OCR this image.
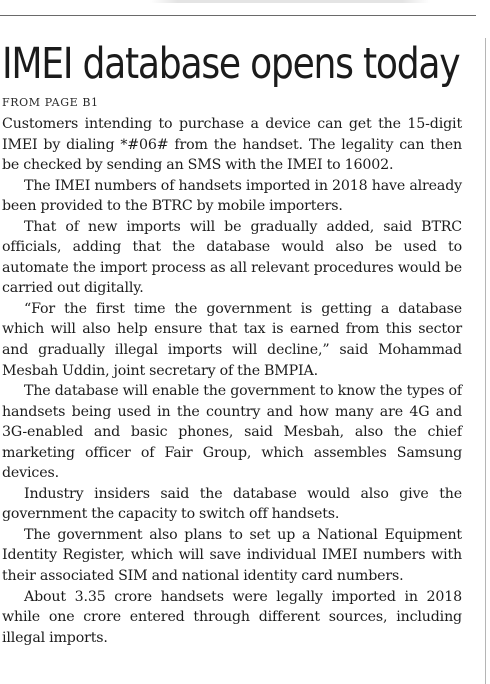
IMEI database opens today
FROM PAGE B1

Customers intending to purchase a device can get the 15-digit IMEI by dialing *#06# from the handset. The legality can then be checked by sending an SMS with the IMEI to 16002.

The IMEI numbers of handsets imported in 2018 have already been provided to the BTRC by mobile importers.

That of new imports will be gradually added, said BTRC officials, adding that the database would also be used to automate the import process as all relevant procedures would be carried out digitally.

“For the first time the government is getting a database which will also help ensure that tax is earned from this sector and gradually illegal imports will decline,” said Mohammad Mesbah Uddin, joint secretary of the BMPIA.

The database will enable the government to know the types of handsets being used in the country and how many are 4G and 3G-enabled and basic phones, said Mesbah, also the chief marketing officer of Fair Group, which assembles Samsung devices.

Industry insiders said the database would also give the government the capacity to switch off handsets.

The government also plans to set up a National Equipment Identity Register, which will save individual IMEI numbers with their associated SIM and national identity card numbers.

About 3.35 crore handsets were legally imported in 2018 while one crore entered through different sources, including illegal imports.
